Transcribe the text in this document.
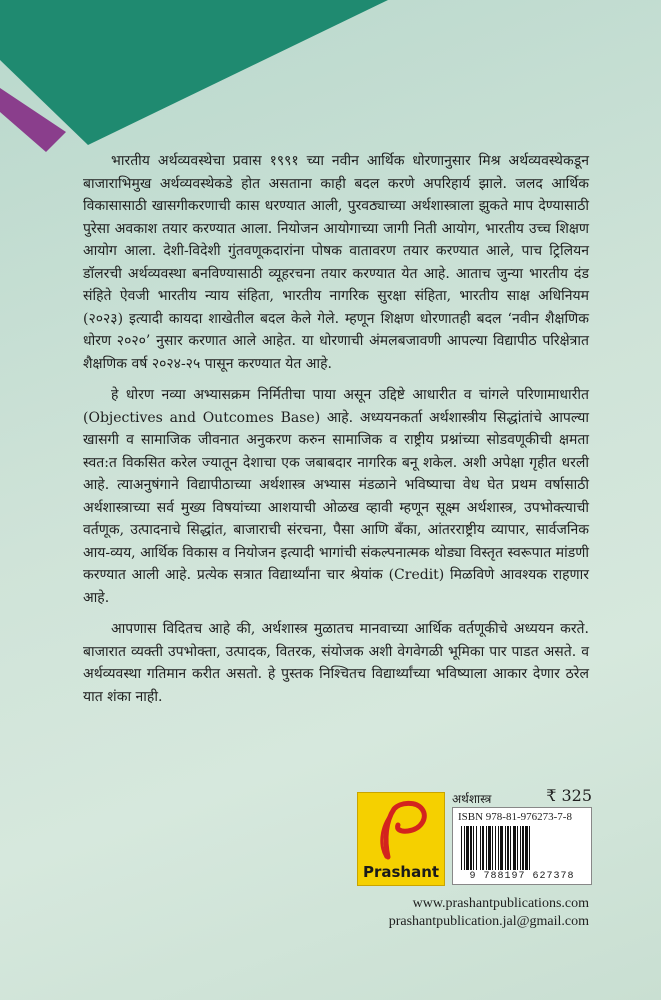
भारतीय अर्थव्यवस्थेचा प्रवास १९९१ च्या नवीन आर्थिक धोरणानुसार मिश्र अर्थव्यवस्थेकडून बाजाराभिमुख अर्थव्यवस्थेकडे होत असताना काही बदल करणे अपरिहार्य झाले. जलद आर्थिक विकासासाठी खासगीकरणाची कास धरण्यात आली, पुरवठ्याच्या अर्थशास्त्राला झुकते माप देण्यासाठी पुरेसा अवकाश तयार करण्यात आला. नियोजन आयोगाच्या जागी निती आयोग, भारतीय उच्च शिक्षण आयोग आला. देशी-विदेशी गुंतवणूकदारांना पोषक वातावरण तयार करण्यात आले, पाच ट्रिलियन डॉलरची अर्थव्यवस्था बनविण्यासाठी व्यूहरचना तयार करण्यात येत आहे. आताच जुन्या भारतीय दंड संहिते ऐवजी भारतीय न्याय संहिता, भारतीय नागरिक सुरक्षा संहिता, भारतीय साक्ष अधिनियम (२०२३) इत्यादी कायदा शाखेतील बदल केले गेले. म्हणून शिक्षण धोरणातही बदल ‘नवीन शैक्षणिक धोरण २०२०’ नुसार करणात आले आहेत. या धोरणाची अंमलबजावणी आपल्या विद्यापीठ परिक्षेत्रात शैक्षणिक वर्ष २०२४-२५ पासून करण्यात येत आहे.

हे धोरण नव्या अभ्यासक्रम निर्मितीचा पाया असून उद्दिष्टे आधारीत व चांगले परिणामाधारीत (Objectives and Outcomes Base) आहे. अध्ययनकर्ता अर्थशास्त्रीय सिद्धांतांचे आपल्या खासगी व सामाजिक जीवनात अनुकरण करुन सामाजिक व राष्ट्रीय प्रश्नांच्या सोडवणूकीची क्षमता स्वत:त विकसित करेल ज्यातून देशाचा एक जबाबदार नागरिक बनू शकेल. अशी अपेक्षा गृहीत धरली आहे. त्याअनुषंगाने विद्यापीठाच्या अर्थशास्त्र अभ्यास मंडळाने भविष्याचा वेध घेत प्रथम वर्षासाठी अर्थशास्त्राच्या सर्व मुख्य विषयांच्या आशयाची ओळख व्हावी म्हणून सूक्ष्म अर्थशास्त्र, उपभोक्त्याची वर्तणूक, उत्पादनाचे सिद्धांत, बाजाराची संरचना, पैसा आणि बँका, आंतरराष्ट्रीय व्यापार, सार्वजनिक आय-व्यय, आर्थिक विकास व नियोजन इत्यादी भागांची संकल्पनात्मक थोड्या विस्तृत स्वरूपात मांडणी करण्यात आली आहे. प्रत्येक सत्रात विद्यार्थ्यांना चार श्रेयांक (Credit) मिळविणे आवश्यक राहणार आहे.

आपणास विदितच आहे की, अर्थशास्त्र मुळातच मानवाच्या आर्थिक वर्तणूकीचे अध्ययन करते. बाजारात व्यक्ती उपभोक्ता, उत्पादक, वितरक, संयोजक अशी वेगवेगळी भूमिका पार पाडत असते. व अर्थव्यवस्था गतिमान करीत असतो. हे पुस्तक निश्चितच विद्यार्थ्यांच्या भविष्याला आकार देणार ठरेल यात शंका नाही.

Prashant
अर्थशास्त्र	₹ 325
ISBN 978-81-976273-7-8
9 788197 627378
www.prashantpublications.com
prashantpublication.jal@gmail.com
